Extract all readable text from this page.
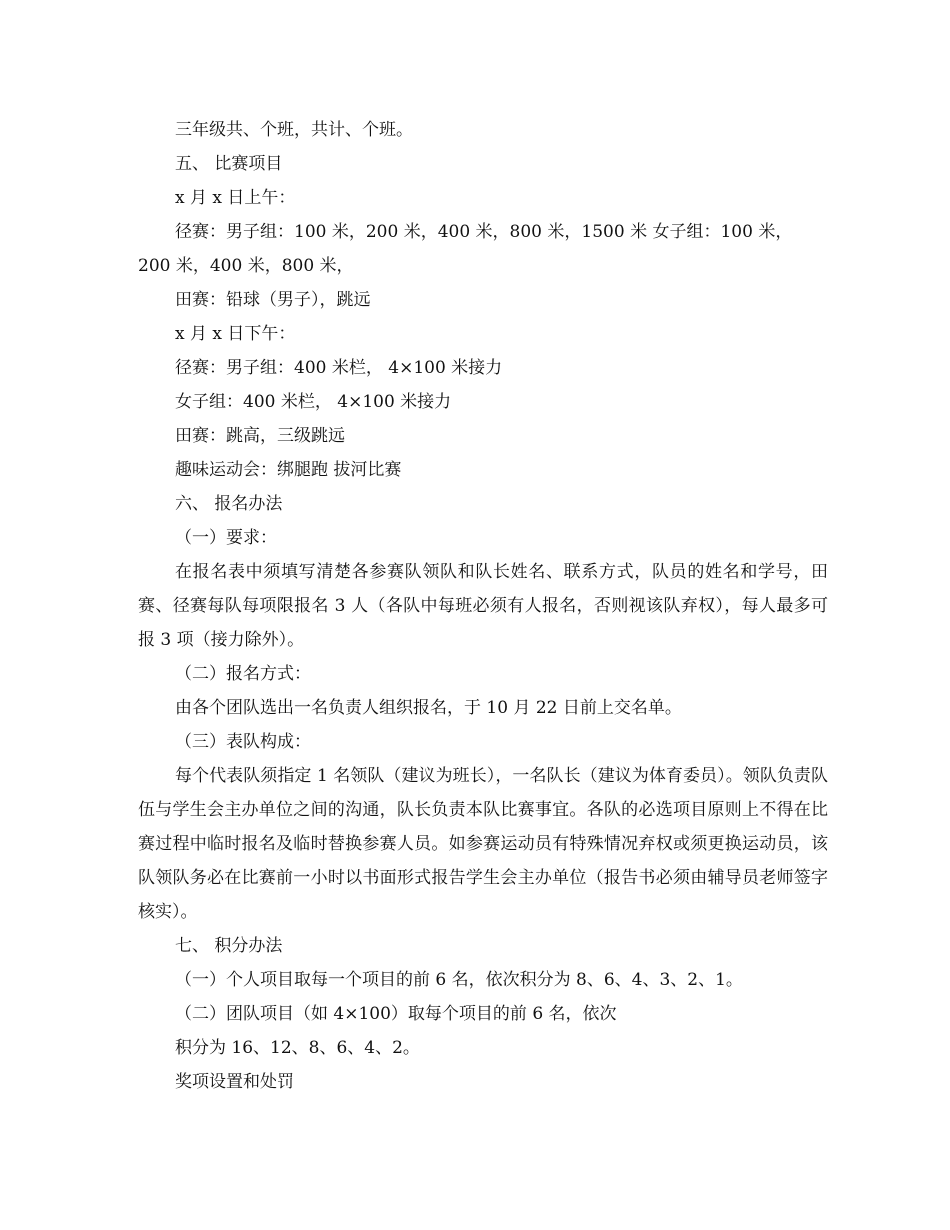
三年级共、个班，共计、个班。

五、 比赛项目

x 月 x 日上午：

径赛：男子组：100 米，200 米，400 米，800 米，1500 米 女子组：100 米，

200 米，400 米，800 米，

田赛：铅球（男子），跳远

x 月 x 日下午：

径赛：男子组：400 米栏， 4×100 米接力

女子组：400 米栏， 4×100 米接力

田赛：跳高，三级跳远

趣味运动会：绑腿跑 拔河比赛

六、 报名办法

（一）要求：

在报名表中须填写清楚各参赛队领队和队长姓名、联系方式，队员的姓名和学号，田赛、径赛每队每项限报名 3 人（各队中每班必须有人报名，否则视该队弃权），每人最多可报 3 项（接力除外）。

（二）报名方式：

由各个团队选出一名负责人组织报名，于 10 月 22 日前上交名单。

（三）表队构成：

每个代表队须指定 1 名领队（建议为班长），一名队长（建议为体育委员）。领队负责队伍与学生会主办单位之间的沟通，队长负责本队比赛事宜。各队的必选项目原则上不得在比赛过程中临时报名及临时替换参赛人员。如参赛运动员有特殊情况弃权或须更换运动员，该队领队务必在比赛前一小时以书面形式报告学生会主办单位（报告书必须由辅导员老师签字核实）。

七、 积分办法

（一）个人项目取每一个项目的前 6 名，依次积分为 8、6、4、3、2、1。

（二）团队项目（如 4×100）取每个项目的前 6 名，依次

积分为 16、12、8、6、4、2。

奖项设置和处罚
